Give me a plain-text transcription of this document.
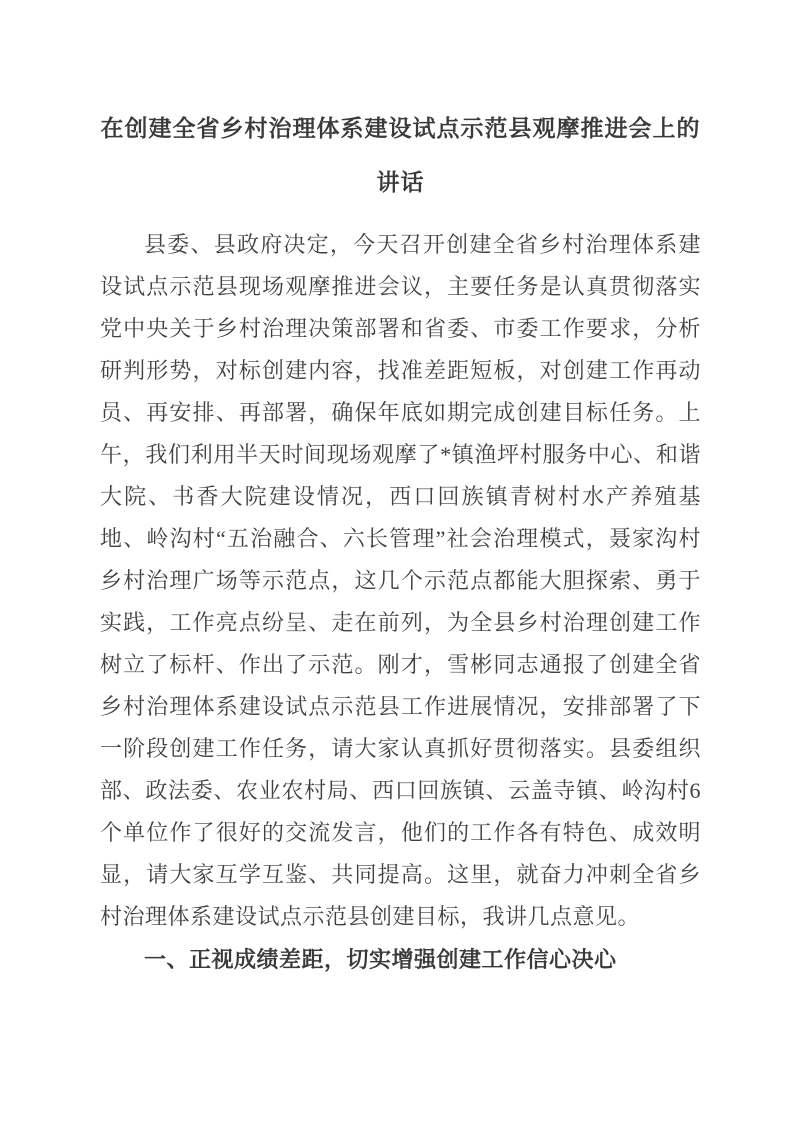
在创建全省乡村治理体系建设试点示范县观摩推进会上的讲话

县委、县政府决定，今天召开创建全省乡村治理体系建设试点示范县现场观摩推进会议，主要任务是认真贯彻落实党中央关于乡村治理决策部署和省委、市委工作要求，分析研判形势，对标创建内容，找准差距短板，对创建工作再动员、再安排、再部署，确保年底如期完成创建目标任务。上午，我们利用半天时间现场观摩了*镇渔坪村服务中心、和谐大院、书香大院建设情况，西口回族镇青树村水产养殖基地、岭沟村“五治融合、六长管理”社会治理模式，聂家沟村乡村治理广场等示范点，这几个示范点都能大胆探索、勇于实践，工作亮点纷呈、走在前列，为全县乡村治理创建工作树立了标杆、作出了示范。刚才，雪彬同志通报了创建全省乡村治理体系建设试点示范县工作进展情况，安排部署了下一阶段创建工作任务，请大家认真抓好贯彻落实。县委组织部、政法委、农业农村局、西口回族镇、云盖寺镇、岭沟村6个单位作了很好的交流发言，他们的工作各有特色、成效明显，请大家互学互鉴、共同提高。这里，就奋力冲刺全省乡村治理体系建设试点示范县创建目标，我讲几点意见。

一、正视成绩差距，切实增强创建工作信心决心
